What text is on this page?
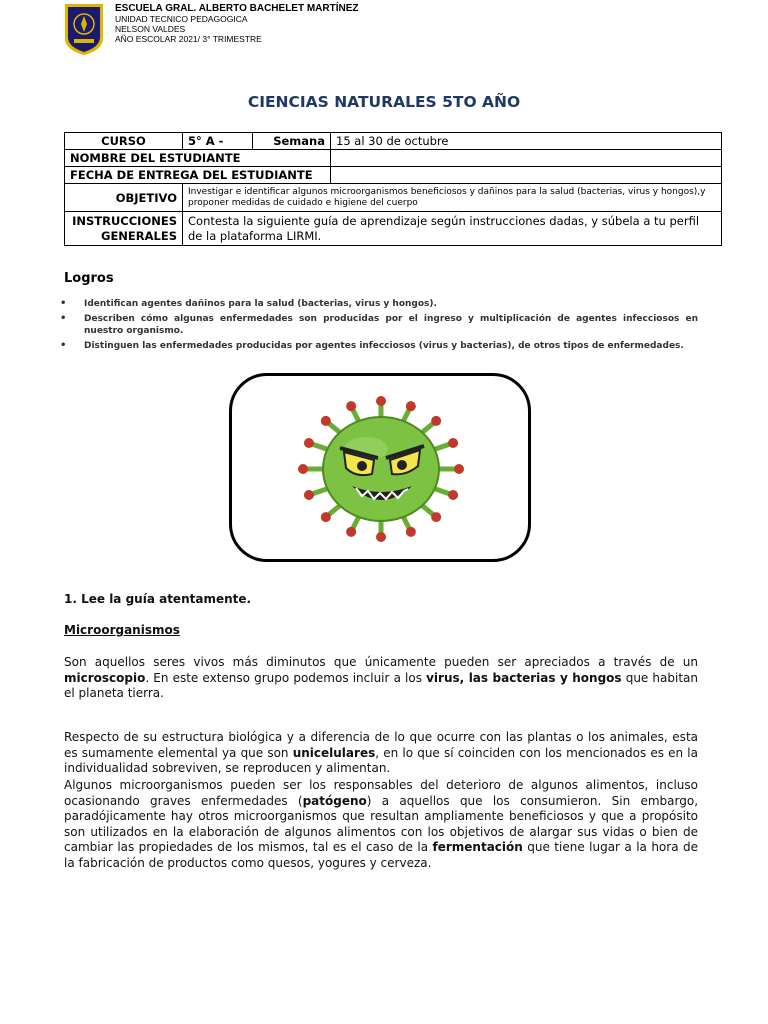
ESCUELA GRAL. ALBERTO BACHELET MARTÍNEZ
UNIDAD TECNICO PEDAGOGICA
NELSON VALDES
AÑO ESCOLAR 2021/ 3° TRIMESTRE
CIENCIAS NATURALES 5TO AÑO
CURSO	5° A -	Semana	15 al 30 de octubre
NOMBRE DEL ESTUDIANTE			
FECHA DE ENTREGA DEL ESTUDIANTE			
OBJETIVO	Investigar e identificar algunos microorganismos beneficiosos y dañinos para la salud (bacterias, virus y hongos),y proponer medidas de cuidado e higiene del cuerpo		

INSTRUCCIONES
GENERALES	Contesta la siguiente guía de aprendizaje según instrucciones dadas, y súbela a tu perfil de la plataforma LIRMI.		
Logros
• Identifican agentes dañinos para la salud (bacterias, virus y hongos).
• Describen cómo algunas enfermedades son producidas por el ingreso y multiplicación de agentes infecciosos en nuestro organismo.
• Distinguen las enfermedades producidas por agentes infecciosos (virus y bacterias), de otros tipos de enfermedades.
1. Lee la guía atentamente.
Microorganismos
Son aquellos seres vivos más diminutos que únicamente pueden ser apreciados a través de un microscopio. En este extenso grupo podemos incluir a los virus, las bacterias y hongos que habitan el planeta tierra.
Respecto de su estructura biológica y a diferencia de lo que ocurre con las plantas o los animales, esta es sumamente elemental ya que son unicelulares, en lo que sí coinciden con los mencionados es en la individualidad sobreviven, se reproducen y alimentan.
Algunos microorganismos pueden ser los responsables del deterioro de algunos alimentos, incluso ocasionando graves enfermedades (patógeno) a aquellos que los consumieron. Sin embargo, paradójicamente hay otros microorganismos que resultan ampliamente beneficiosos y que a propósito son utilizados en la elaboración de algunos alimentos con los objetivos de alargar sus vidas o bien de cambiar las propiedades de los mismos, tal es el caso de la fermentación que tiene lugar a la hora de la fabricación de productos como quesos, yogures y cerveza.
